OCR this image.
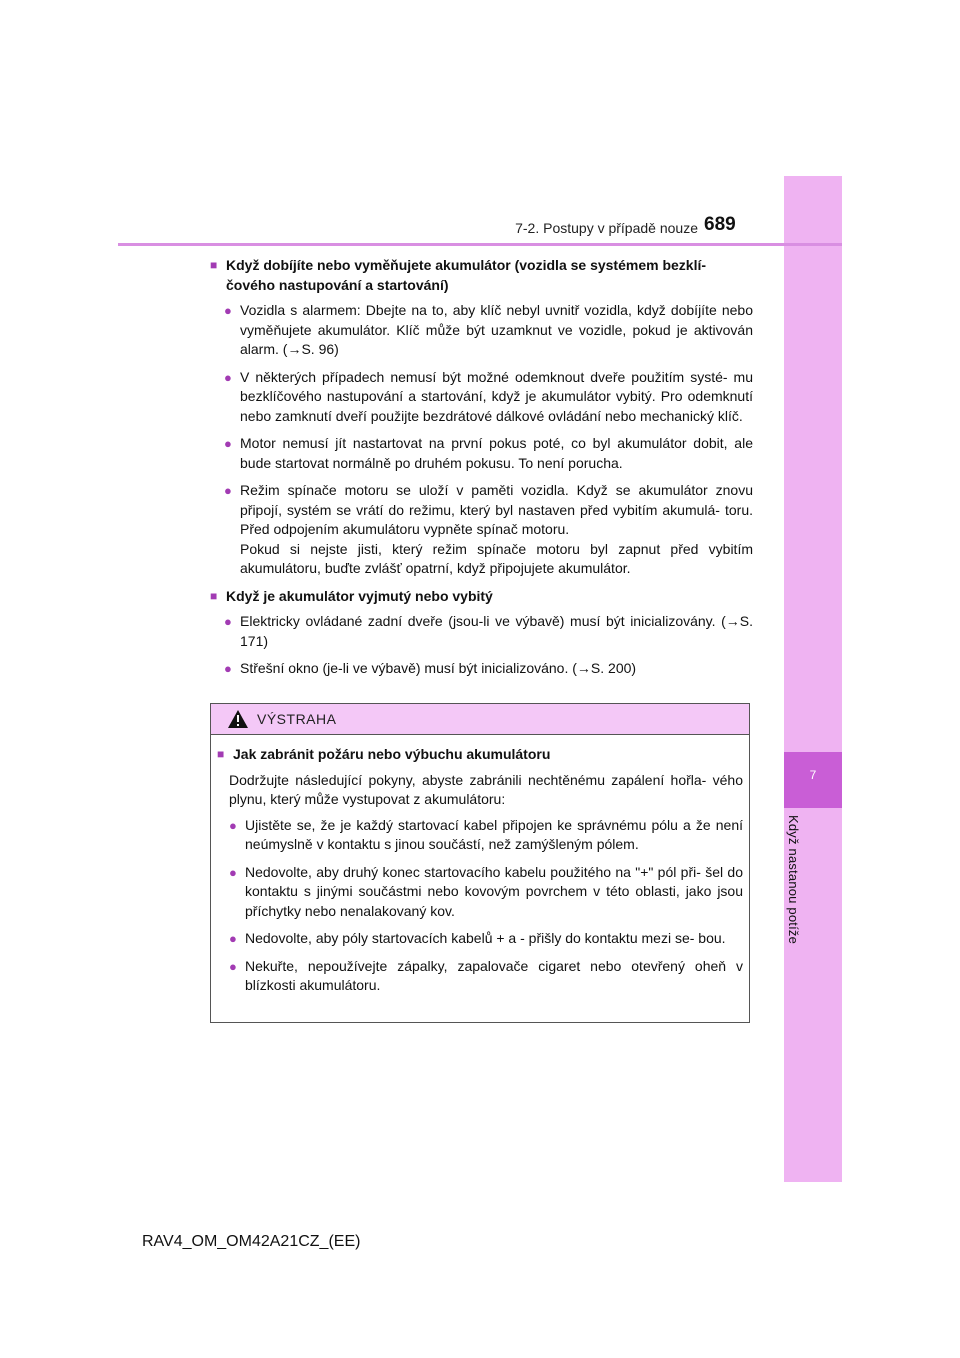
7
Když nastanou potíže
7-2. Postupy v případě nouze 689
■ Když dobíjíte nebo vyměňujete akumulátor (vozidla se systémem bezklí- čového nastupování a startování)
● Vozidla s alarmem: Dbejte na to, aby klíč nebyl uvnitř vozidla, když dobíjíte nebo vyměňujete akumulátor. Klíč může být uzamknut ve vozidle, pokud je aktivován alarm. (→S. 96)
● V některých případech nemusí být možné odemknout dveře použitím systé- mu bezklíčového nastupování a startování, když je akumulátor vybitý. Pro odemknutí nebo zamknutí dveří použijte bezdrátové dálkové ovládání nebo mechanický klíč.
● Motor nemusí jít nastartovat na první pokus poté, co byl akumulátor dobit, ale bude startovat normálně po druhém pokusu. To není porucha.
● Režim spínače motoru se uloží v paměti vozidla. Když se akumulátor znovu připojí, systém se vrátí do režimu, který byl nastaven před vybitím akumulá- toru. Před odpojením akumulátoru vypněte spínač motoru.
Pokud si nejste jisti, který režim spínače motoru byl zapnut před vybitím akumulátoru, buďte zvlášť opatrní, když připojujete akumulátor.
■ Když je akumulátor vyjmutý nebo vybitý
● Elektricky ovládané zadní dveře (jsou-li ve výbavě) musí být inicializovány. (→S. 171)
● Střešní okno (je-li ve výbavě) musí být inicializováno. (→S. 200)
VÝSTRAHA
■ Jak zabránit požáru nebo výbuchu akumulátoru
Dodržujte následující pokyny, abyste zabránili nechtěnému zapálení hořla- vého plynu, který může vystupovat z akumulátoru:
● Ujistěte se, že je každý startovací kabel připojen ke správnému pólu a že není neúmyslně v kontaktu s jinou součástí, než zamýšleným pólem.
● Nedovolte, aby druhý konec startovacího kabelu použitého na "+" pól při- šel do kontaktu s jinými součástmi nebo kovovým povrchem v této oblasti, jako jsou příchytky nebo nenalakovaný kov.
● Nedovolte, aby póly startovacích kabelů + a - přišly do kontaktu mezi se- bou.
● Nekuřte, nepoužívejte zápalky, zapalovače cigaret nebo otevřený oheň v blízkosti akumulátoru.
RAV4_OM_OM42A21CZ_(EE)
